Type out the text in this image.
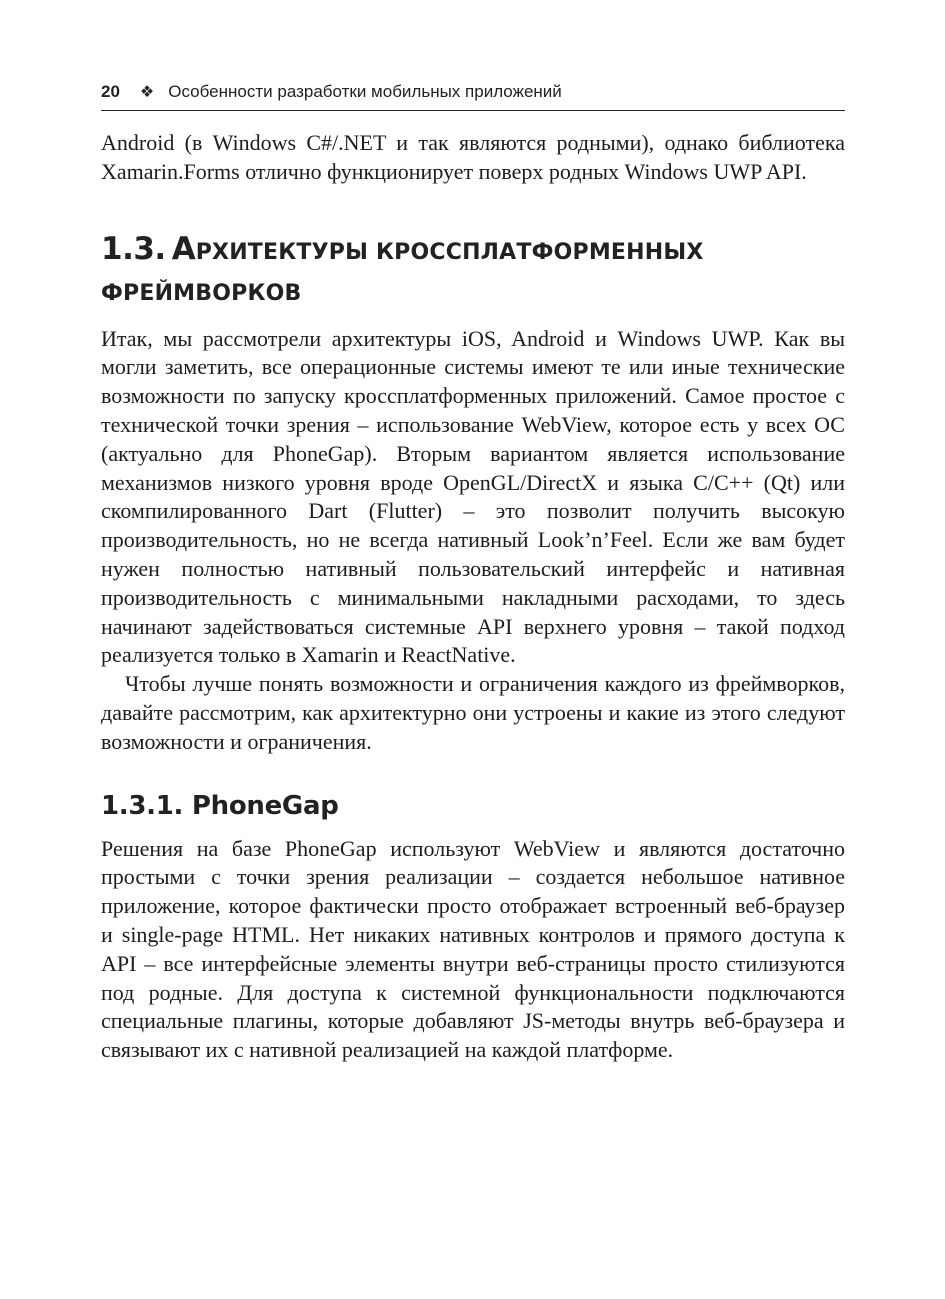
20 ❖ Особенности разработки мобильных приложений

Android (в Windows C#/.NET и так являются родными), однако библиотека Xamarin.Forms отлично функционирует поверх родных Windows UWP API.

1.3. АРХИТЕКТУРЫ КРОССПЛАТФОРМЕННЫХ ФРЕЙМВОРКОВ

Итак, мы рассмотрели архитектуры iOS, Android и Windows UWP. Как вы могли заметить, все операционные системы имеют те или иные технические возможности по запуску кроссплатформенных приложений. Самое простое с технической точки зрения – использование WebView, которое есть у всех ОС (актуально для PhoneGap). Вторым вариантом является использование механизмов низкого уровня вроде OpenGL/DirectX и языка C/C++ (Qt) или скомпилированного Dart (Flutter) – это позволит получить высокую производительность, но не всегда нативный Look’n’Feel. Если же вам будет нужен полностью нативный пользовательский интерфейс и нативная производительность с минимальными накладными расходами, то здесь начинают задействоваться системные API верхнего уровня – такой подход реализуется только в Xamarin и ReactNative.

Чтобы лучше понять возможности и ограничения каждого из фреймворков, давайте рассмотрим, как архитектурно они устроены и какие из этого следуют возможности и ограничения.

1.3.1. PhoneGap

Решения на базе PhoneGap используют WebView и являются достаточно простыми с точки зрения реализации – создается небольшое нативное приложение, которое фактически просто отображает встроенный веб-браузер и single-page HTML. Нет никаких нативных контролов и прямого доступа к API – все интерфейсные элементы внутри веб-страницы просто стилизуются под родные. Для доступа к системной функциональности подключаются специальные плагины, которые добавляют JS-методы внутрь веб-браузера и связывают их с нативной реализацией на каждой платформе.
